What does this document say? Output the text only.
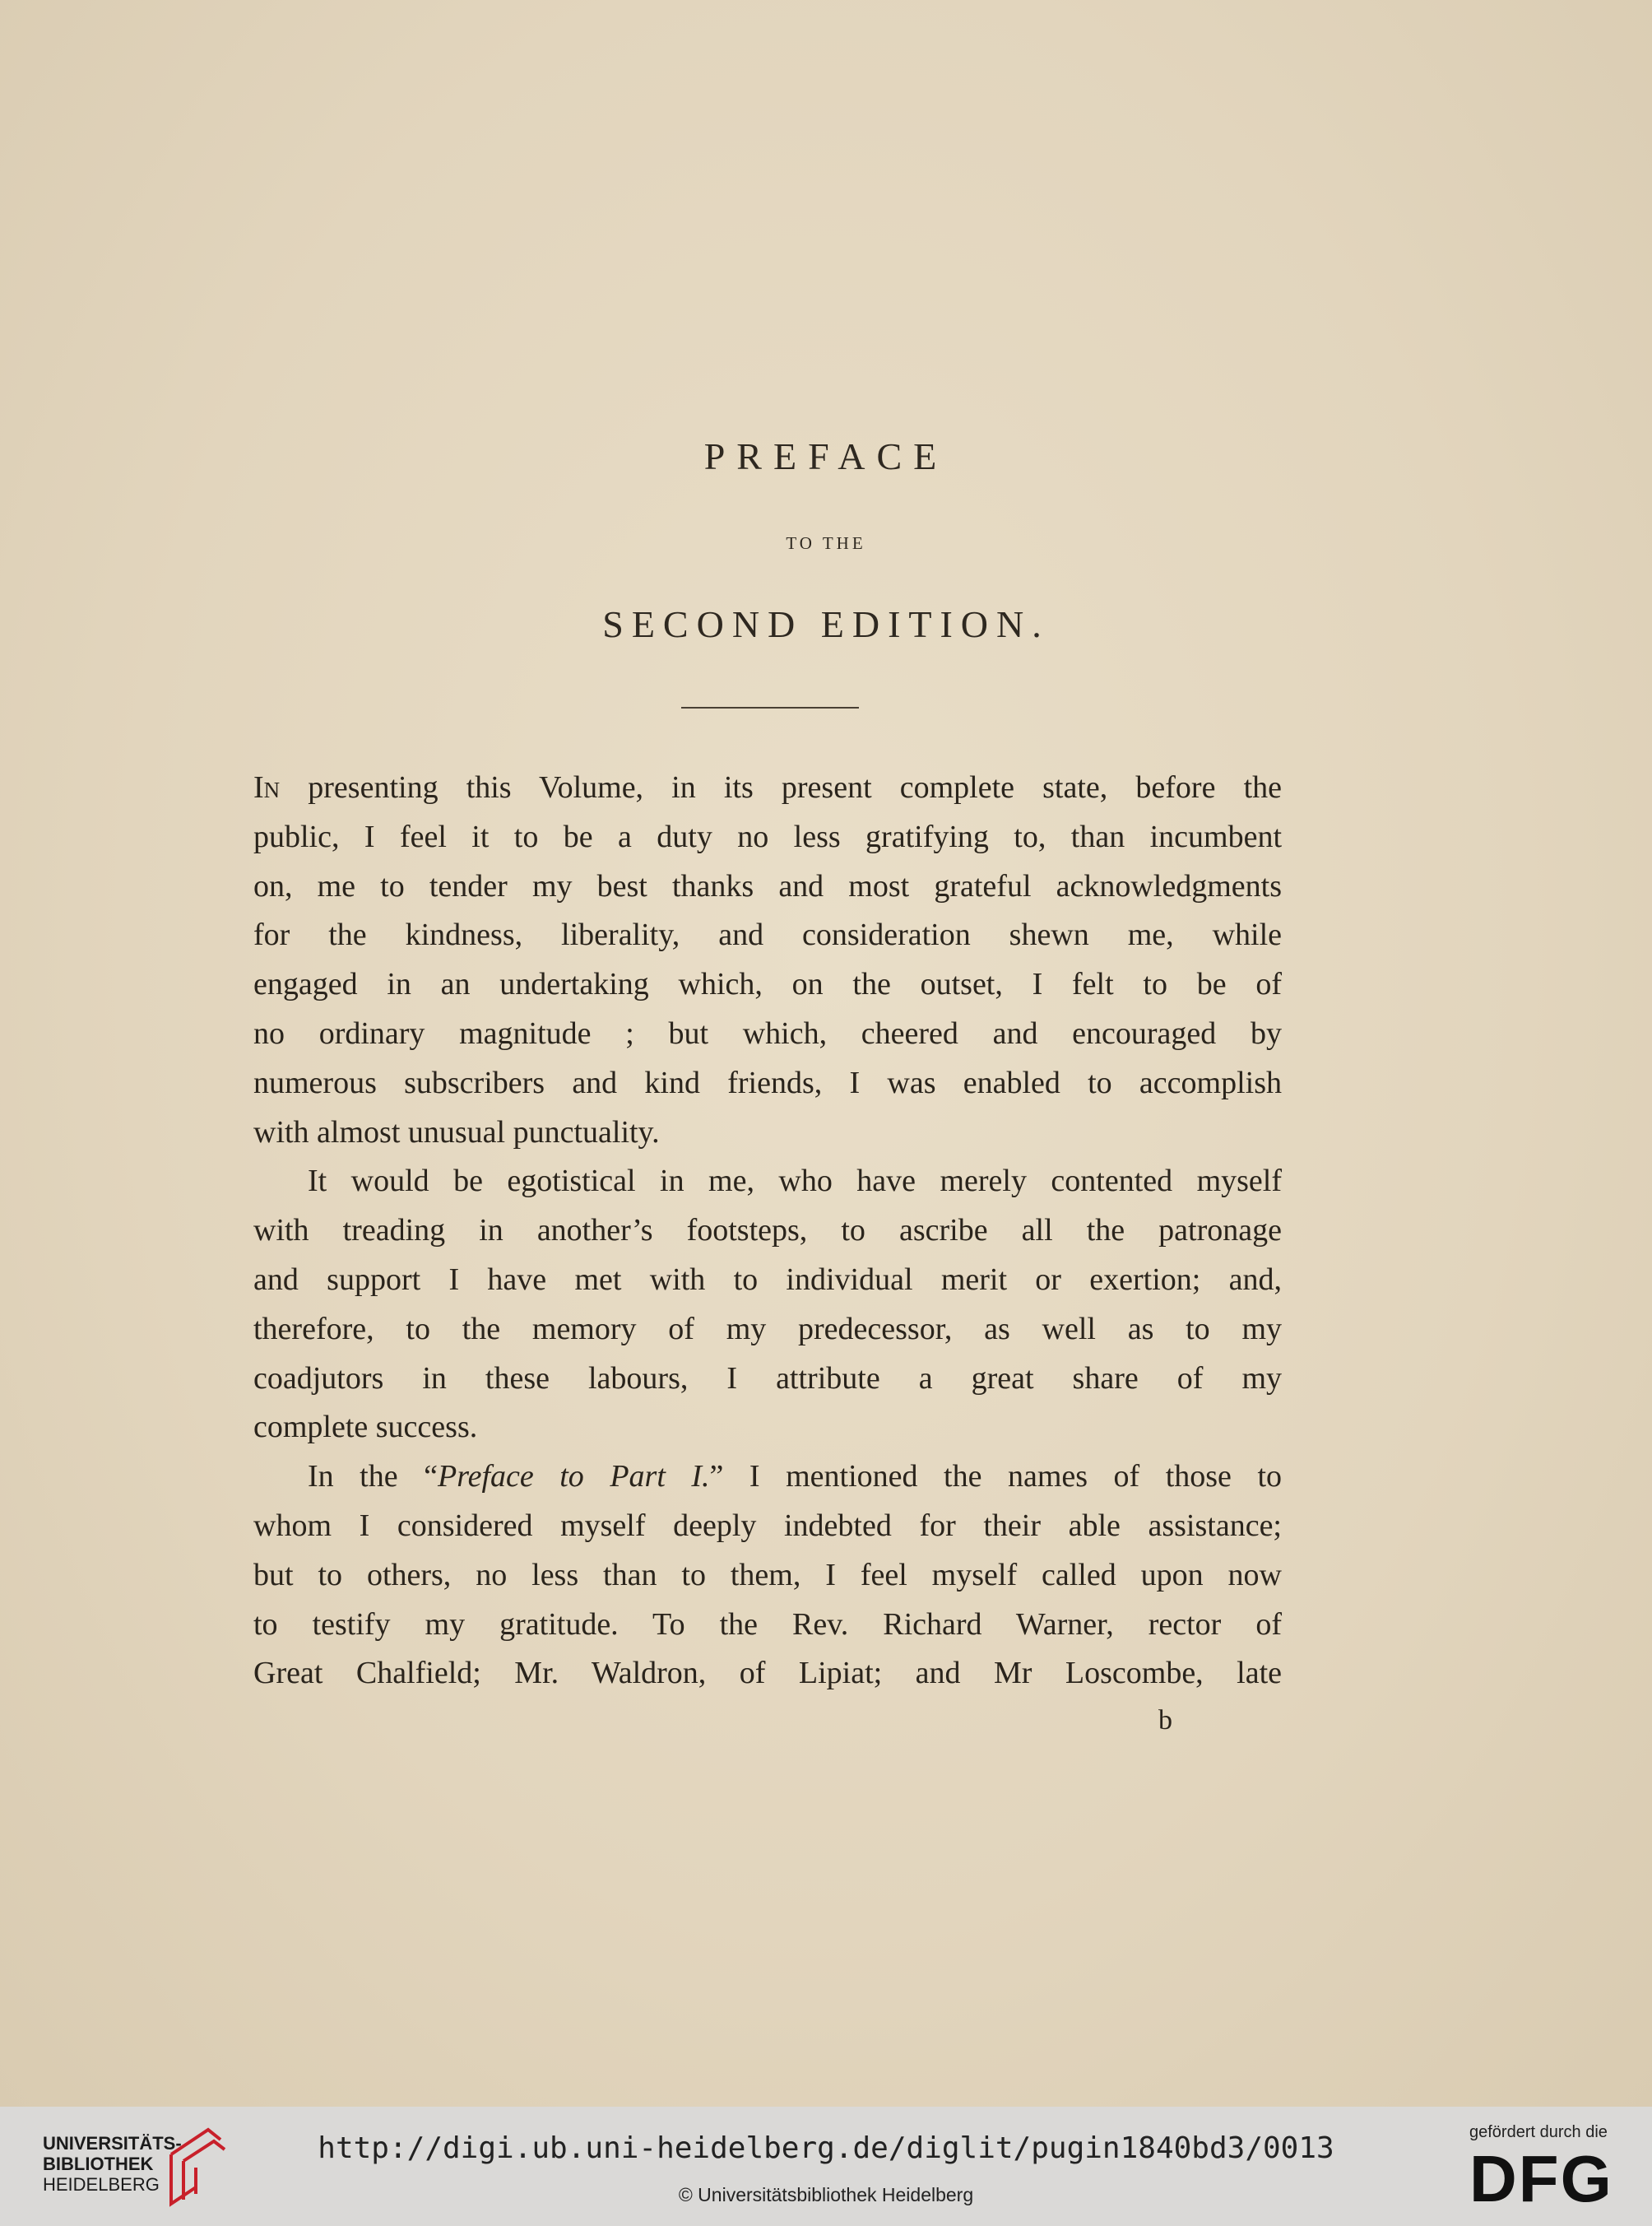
PREFACE
TO THE
SECOND EDITION.
In presenting this Volume, in its present complete state, before the
public, I feel it to be a duty no less gratifying to, than incumbent
on, me to tender my best thanks and most grateful acknowledgments
for the kindness, liberality, and consideration shewn me, while
engaged in an undertaking which, on the outset, I felt to be of
no ordinary magnitude ; but which, cheered and encouraged by
numerous subscribers and kind friends, I was enabled to accomplish
with almost unusual punctuality.
It would be egotistical in me, who have merely contented myself
with treading in another’s footsteps, to ascribe all the patronage
and support I have met with to individual merit or exertion; and,
therefore, to the memory of my predecessor, as well as to my
coadjutors in these labours, I attribute a great share of my
complete success.
In the “Preface to Part I.” I mentioned the names of those to
whom I considered myself deeply indebted for their able assistance;
but to others, no less than to them, I feel myself called upon now
to testify my gratitude. To the Rev. Richard Warner, rector of
Great Chalfield; Mr. Waldron, of Lipiat; and Mr Loscombe, late
b
UNIVERSITÄTS-
BIBLIOTHEK
HEIDELBERG
http://digi.ub.uni-heidelberg.de/diglit/pugin1840bd3/0013
© Universitätsbibliothek Heidelberg
gefördert durch die
DFG
